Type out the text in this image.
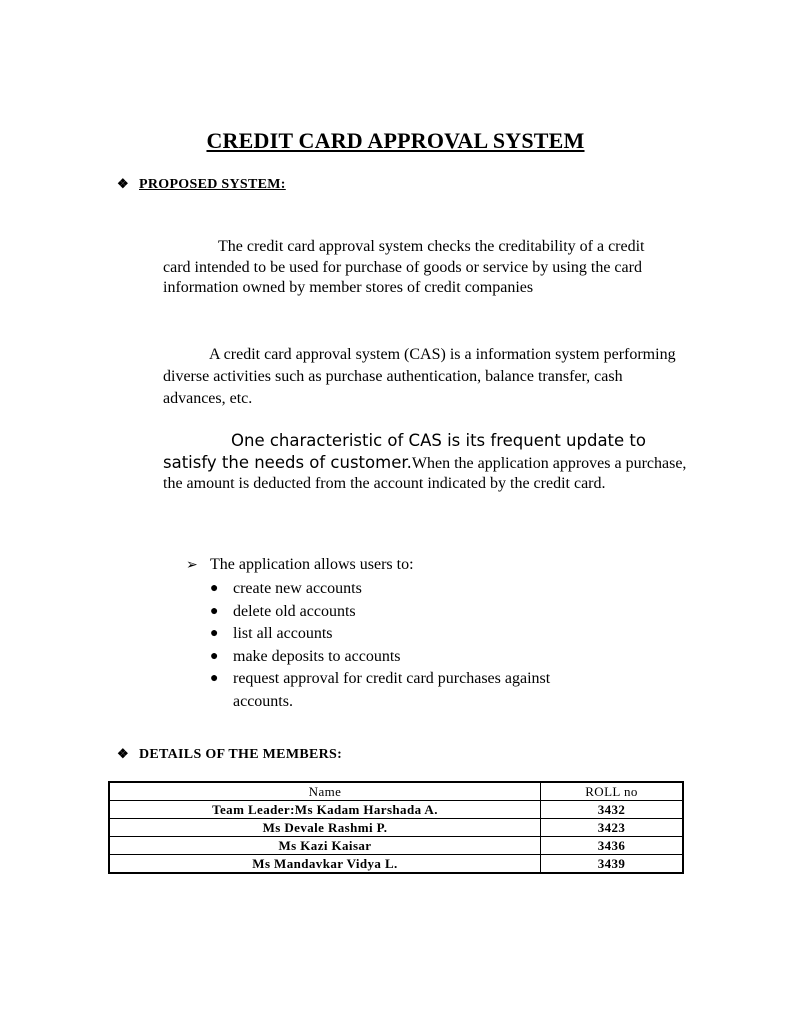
CREDIT CARD APPROVAL SYSTEM
❖ PROPOSED SYSTEM:
The credit card approval system checks the creditability of a credit card intended to be used for purchase of goods or service by using the card information owned by member stores of credit companies
A credit card approval system (CAS) is a information system performing diverse activities such as purchase authentication, balance transfer, cash advances, etc.
One characteristic of CAS is its frequent update to satisfy the needs of customer.When the application approves a purchase, the amount is deducted from the account indicated by the credit card.
➢ The application allows users to:
● create new accounts
● delete old accounts
● list all accounts
● make deposits to accounts
● request approval for credit card purchases against accounts.
❖ DETAILS OF THE MEMBERS:
Name	ROLL no
Team Leader:Ms Kadam Harshada A.	3432
Ms Devale Rashmi P.	3423
Ms Kazi Kaisar	3436
Ms Mandavkar Vidya L.	3439
